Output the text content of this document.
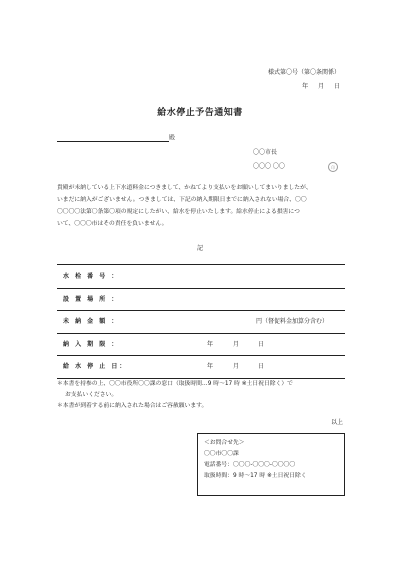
様式第〇号（第〇条関係）
年 月 日
給水停止予告通知書
殿
〇〇市長
〇〇〇 〇〇	印
貴殿が未納している上下水道料金につきまして、かねてより支払いをお願いしてまいりましたが、
いまだに納入がございません。つきましては、下記の納入期限日までに納入されない場合、〇〇
〇〇〇〇法第〇条第〇項の規定にしたがい、給水を停止いたします。給水停止による損害につ
いて、〇〇〇市はその責任を負いません。
記
水 栓 番 号 ：
設 置 場 所 ：
未 納 金 額 ：	円（督促料金加算分含む）
納 入 期 限 ：	年	月	日
給 水 停 止 日：	年	月	日
＊本書を持参の上、〇〇市役所〇〇課の窓口（取扱時間…9 時〜17 時 ※土日祝日除く）で
お支払いください。
＊本書が到着する前に納入された場合はご容赦願います。
以上
＜お問合せ先＞
〇〇市〇〇課
電話番号：〇〇〇-〇〇〇-〇〇〇〇
取扱時間：9 時〜17 時 ※土日祝日除く
